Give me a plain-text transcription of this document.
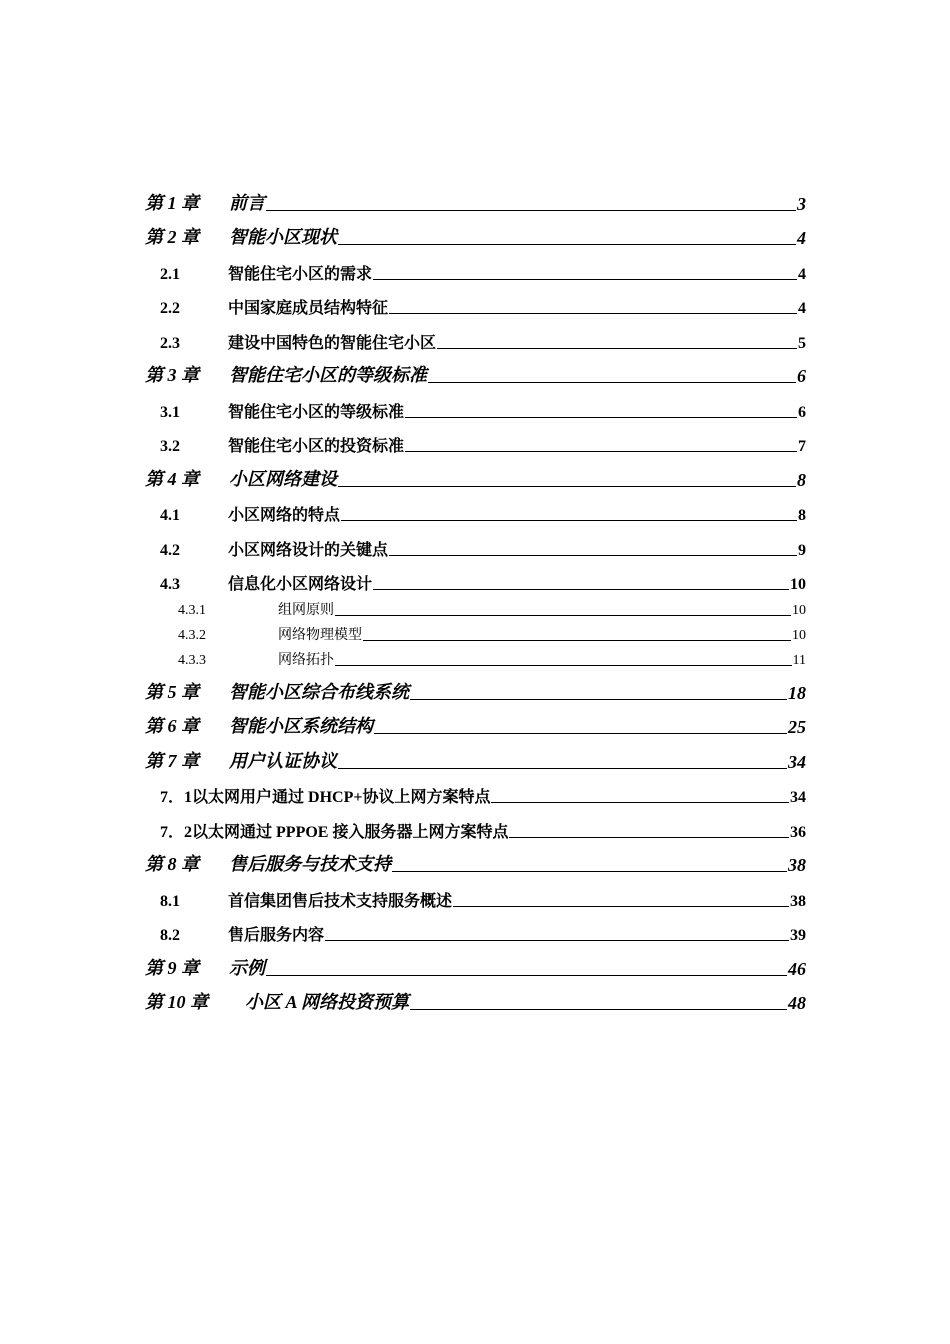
第 1 章	前言	3
第 2 章	智能小区现状	4
2.1	智能住宅小区的需求	4
2.2	中国家庭成员结构特征	4
2.3	建设中国特色的智能住宅小区	5
第 3 章	智能住宅小区的等级标准	6
3.1	智能住宅小区的等级标准	6
3.2	智能住宅小区的投资标准	7
第 4 章	小区网络建设	8
4.1	小区网络的特点	8
4.2	小区网络设计的关键点	9
4.3	信息化小区网络设计	10
4.3.1	组网原则	10
4.3.2	网络物理模型	10
4.3.3	网络拓扑	11
第 5 章	智能小区综合布线系统	18
第 6 章	智能小区系统结构	25
第 7 章	用户认证协议	34
7．1 以太网用户通过 DHCP+协议上网方案特点	34
7．2 以太网通过 PPPOE 接入服务器上网方案特点	36
第 8 章	售后服务与技术支持	38
8.1	首信集团售后技术支持服务概述	38
8.2	售后服务内容	39
第 9 章	示例	46
第 10 章	小区 A 网络投资预算	48
